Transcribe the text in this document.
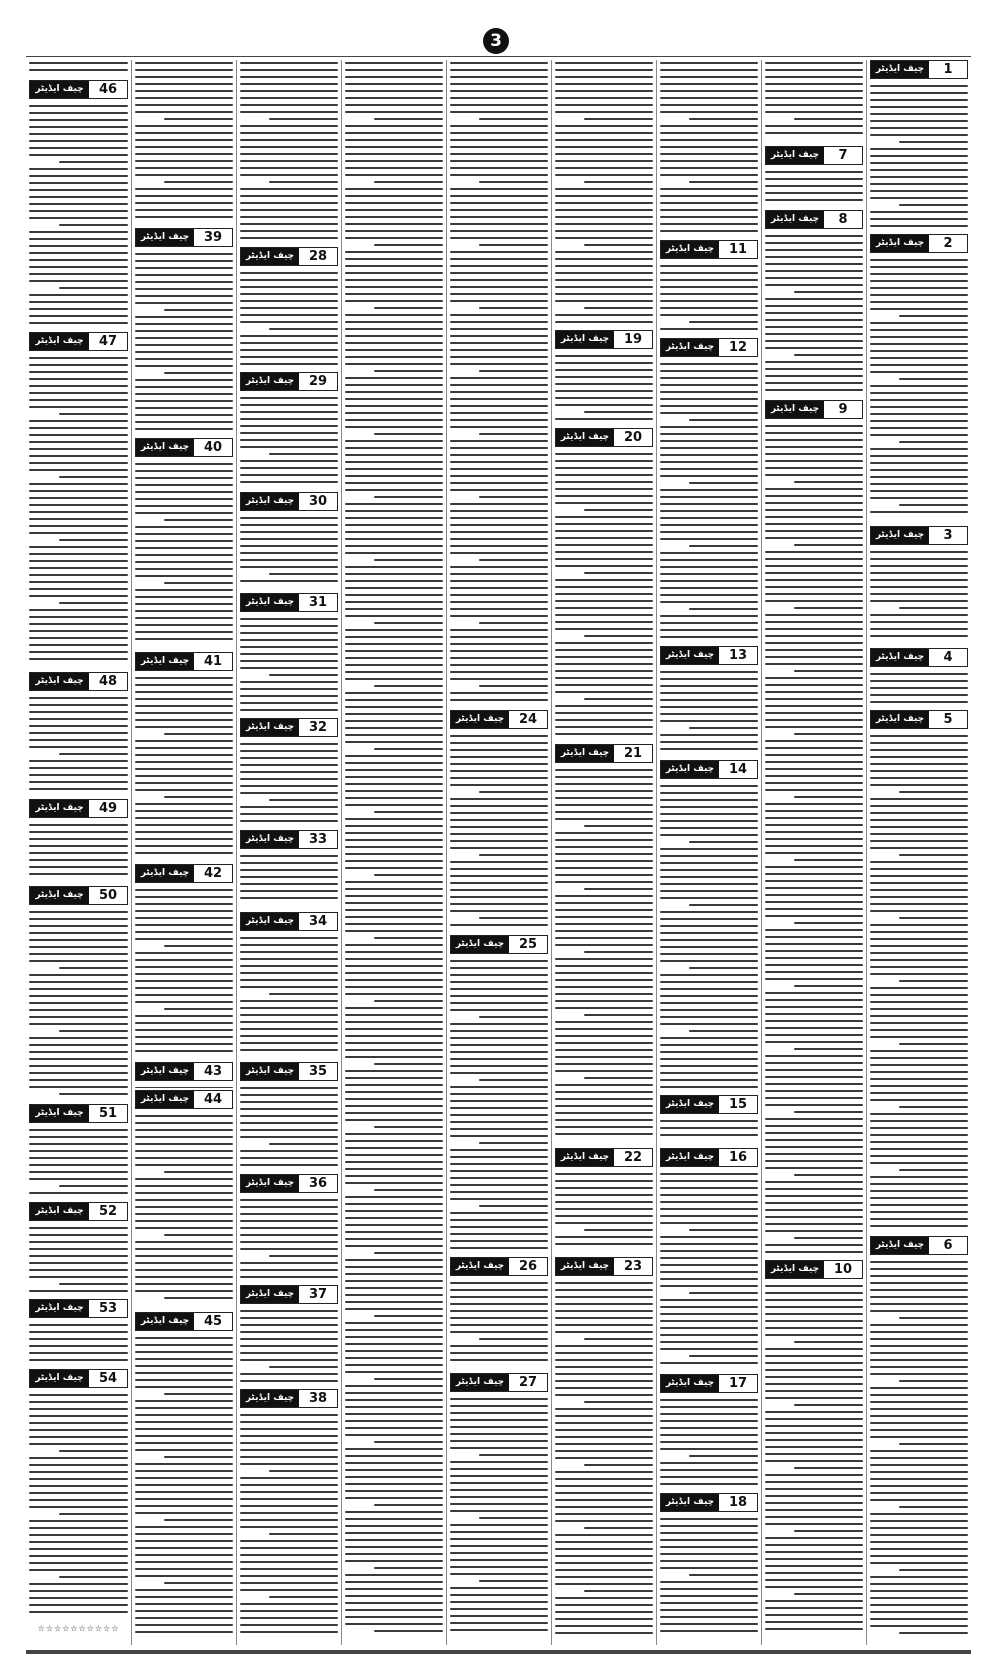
3
1
چیف ایڈیٹر
2
چیف ایڈیٹر
3
چیف ایڈیٹر
4
چیف ایڈیٹر
5
چیف ایڈیٹر
6
چیف ایڈیٹر
7
چیف ایڈیٹر
8
چیف ایڈیٹر
9
چیف ایڈیٹر
10
چیف ایڈیٹر
11
چیف ایڈیٹر
12
چیف ایڈیٹر
13
چیف ایڈیٹر
14
چیف ایڈیٹر
15
چیف ایڈیٹر
16
چیف ایڈیٹر
17
چیف ایڈیٹر
18
چیف ایڈیٹر
19
چیف ایڈیٹر
20
چیف ایڈیٹر
21
چیف ایڈیٹر
22
چیف ایڈیٹر
23
چیف ایڈیٹر
24
چیف ایڈیٹر
25
چیف ایڈیٹر
26
چیف ایڈیٹر
27
چیف ایڈیٹر
28
چیف ایڈیٹر
29
چیف ایڈیٹر
30
چیف ایڈیٹر
31
چیف ایڈیٹر
32
چیف ایڈیٹر
33
چیف ایڈیٹر
34
چیف ایڈیٹر
35
چیف ایڈیٹر
36
چیف ایڈیٹر
37
چیف ایڈیٹر
38
چیف ایڈیٹر
39
چیف ایڈیٹر
40
چیف ایڈیٹر
41
چیف ایڈیٹر
42
چیف ایڈیٹر
43
چیف ایڈیٹر
44
چیف ایڈیٹر
45
چیف ایڈیٹر
46
چیف ایڈیٹر
47
چیف ایڈیٹر
48
چیف ایڈیٹر
49
چیف ایڈیٹر
50
چیف ایڈیٹر
51
چیف ایڈیٹر
52
چیف ایڈیٹر
53
چیف ایڈیٹر
54
چیف ایڈیٹر
☆☆☆☆☆☆☆☆☆☆
